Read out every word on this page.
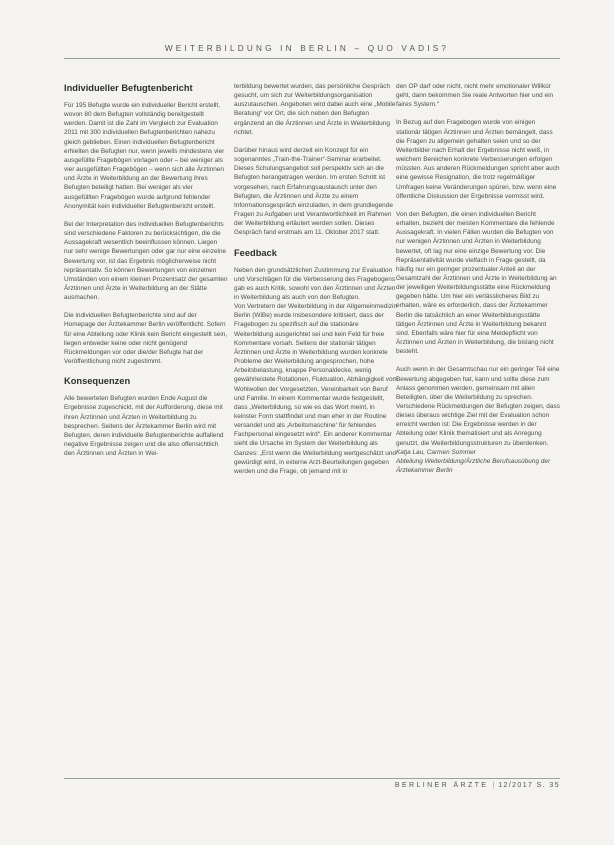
WEITERBILDUNG IN BERLIN – QUO VADIS?
Individueller Befugtenbericht

Für 195 Befugte wurde ein individueller Bericht erstellt, wovon 80 dem Befugten vollständig bereitgestellt werden. Damit ist die Zahl im Vergleich zur Evaluation 2011 mit 300 individuellen Befugtenberichten nahezu gleich geblieben. Einen individuellen Befugtenbericht erhielten die Befugten nur, wenn jeweils mindestens vier ausgefüllte Fragebögen vorlagen oder – bei weniger als vier ausgefüllten Fragebögen – wenn sich alle Ärztinnen und Ärzte in Weiterbildung an der Bewertung ihres Befugten beteiligt hatten. Bei weniger als vier ausgefüllten Fragebögen wurde aufgrund fehlender Anonymität kein individueller Befugtenbericht erstellt.

Bei der Interpretation des individuellen Befugtenberichts sind verschiedene Faktoren zu berücksichtigen, die die Aussagekraft wesentlich beeinflussen können. Liegen nur sehr wenige Bewertungen oder gar nur eine einzelne Bewertung vor, ist das Ergebnis möglicherweise nicht repräsentativ. So können Bewertungen von einzelnen Umständen von einem kleinen Prozentsatz der gesamten Ärztinnen und Ärzte in Weiterbildung an der Stätte ausmachen.

Die individuellen Befugtenberichte sind auf der Homepage der Ärztekammer Berlin veröffentlicht. Sofern für eine Abteilung oder Klinik kein Bericht eingestellt sein, liegen entweder keine oder nicht genügend Rückmeldungen vor oder die/der Befugte hat der Veröffentlichung nicht zugestimmt.

Konsequenzen

Alle bewerteten Befugten wurden Ende August die Ergebnisse zugeschickt, mit der Aufforderung, diese mit ihren Ärztinnen und Ärzten in Weiterbildung zu besprechen. Seitens der Ärztekammer Berlin wird mit Befugten, deren individuelle Befugtenberichte auffallend negative Ergebnisse zeigen und die also offensichtlich den Ärztinnen und Ärzten in Wei-

terbildung bewertet wurden, das persönliche Gespräch gesucht, um sich zur Weiterbildungsorganisation auszutauschen. Angeboten wird dabei auch eine „Mobile Beratung“ vor Ort, die sich neben den Befugten ergänzend an die Ärztinnen und Ärzte in Weiterbildung richtet.

Darüber hinaus wird derzeit ein Konzept für ein sogenanntes „Train-the-Trainer“-Seminar erarbeitet. Dieses Schulungsangebot soll perspektiv sich an die Befugten herangetragen werden. Im ersten Schritt ist vorgesehen, nach Erfahrungsaustausch unter den Befugten, die Ärztinnen und Ärzte zu einem Informationsgespräch einzuladen, in dem grundlegende Fragen zu Aufgaben und Verantwortlichkeit im Rahmen der Weiterbildung erläutert werden sollen. Dieses Gespräch fand erstmals am 11. Oktober 2017 statt.

Feedback

Neben den grundsätzlichen Zustimmung zur Evaluation und Vorschlägen für die Verbesserung des Fragebogens gab es auch Kritik, sowohl von den Ärztinnen und Ärzten in Weiterbildung als auch von den Befugten.

Von Vertretern der Weiterbildung in der Allgemeinmedizin Berlin (WiBe) wurde insbesondere kritisiert, dass der Fragebogen zu spezifisch auf die stationäre Weiterbildung ausgerichtet sei und kein Feld für freie Kommentare vorsah. Seitens der stationär tätigen Ärztinnen und Ärzte in Weiterbildung wurden konkrete Probleme der Weiterbildung angesprochen, hohe Arbeitsbelastung, knappe Personaldecke, wenig gewährleistete Rotationen, Fluktuation, Abhängigkeit vom Wohlwollen der Vorgesetzten, Vereinbarkeit von Beruf und Familie. In einem Kommentar wurde festgestellt, dass „Weiterbildung, so wie es das Wort meint, in keinster Form stattfindet und man eher in der Routine versandet und als ‚Arbeitsmaschine‘ für fehlendes Fachpersonal eingesetzt wird“. Ein anderer Kommentar sieht die Ursache im System der Weiterbildung als Ganzes: „Erst wenn die Weiterbildung wertgeschätzt und gewürdigt wird, in externe Arzt-Beurteilungen gegeben werden und die Frage, ob jemand mit in

den OP darf oder nicht, nicht mehr emotionaler Willkür geht, dann bekommen Sie reale Antworten hier und ein faires System.“

In Bezug auf den Fragebogen wurde von einigen stationär tätigen Ärztinnen und Ärzten bemängelt, dass die Fragen zu allgemein gehalten seien und so der Weiterbilder nach Erhalt der Ergebnisse nicht weiß, in welchem Bereichen konkrete Verbesserungen erfolgen müssten. Aus anderen Rückmeldungen spricht aber auch eine gewisse Resignation, die trotz regelmäßiger Umfragen keine Veränderungen spüren, bzw. wenn eine öffentliche Diskussion der Ergebnisse vermisst wird.

Von den Befugten, die einen individuellen Bericht erhalten, bezieht der meisten Kommentare die fehlende Aussagekraft. In vielen Fällen wurden die Befugten von nur wenigen Ärztinnen und Ärzten in Weiterbildung bewertet, oft lag nur eine einzige Bewertung vor. Die Repräsentativität wurde vielfach in Frage gestellt, da häufig nur ein geringer prozentualer Anteil an der Gesamtzahl der Ärztinnen und Ärzte in Weiterbildung an der jeweiligen Weiterbildungsstätte eine Rückmeldung gegeben hätte. Um hier ein verlässlicheres Bild zu erhalten, wäre es erforderlich, dass der Ärztekammer Berlin die tatsächlich an einer Weiterbildungsstätte tätigen Ärztinnen und Ärzte in Weiterbildung bekannt sind. Ebenfalls wäre hier für eine Meldepflicht von Ärztinnen und Ärzten in Weiterbildung, die bislang nicht besteht.

Auch wenn in der Gesamtschau nur ein geringer Teil eine Bewertung abgegeben hat, kann und sollte diese zum Anlass genommen werden, gemeinsam mit allen Beteiligten, über die Weiterbildung zu sprechen. Verschiedene Rückmeldungen der Befugten zeigen, dass dieses überaus wichtige Ziel mit der Evaluation schon erreicht werden ist: Die Ergebnisse werden in der Abteilung oder Klinik thematisiert und als Anregung genutzt, die Weiterbildungsstrukturen zu überdenken.

Katja Lau, Carmen Sommer
Abteilung Weiterbildung/Ärztliche Berufsausübung der Ärztekammer Berlin

BERLINER ÄRZTE | 12/2017 S. 35
